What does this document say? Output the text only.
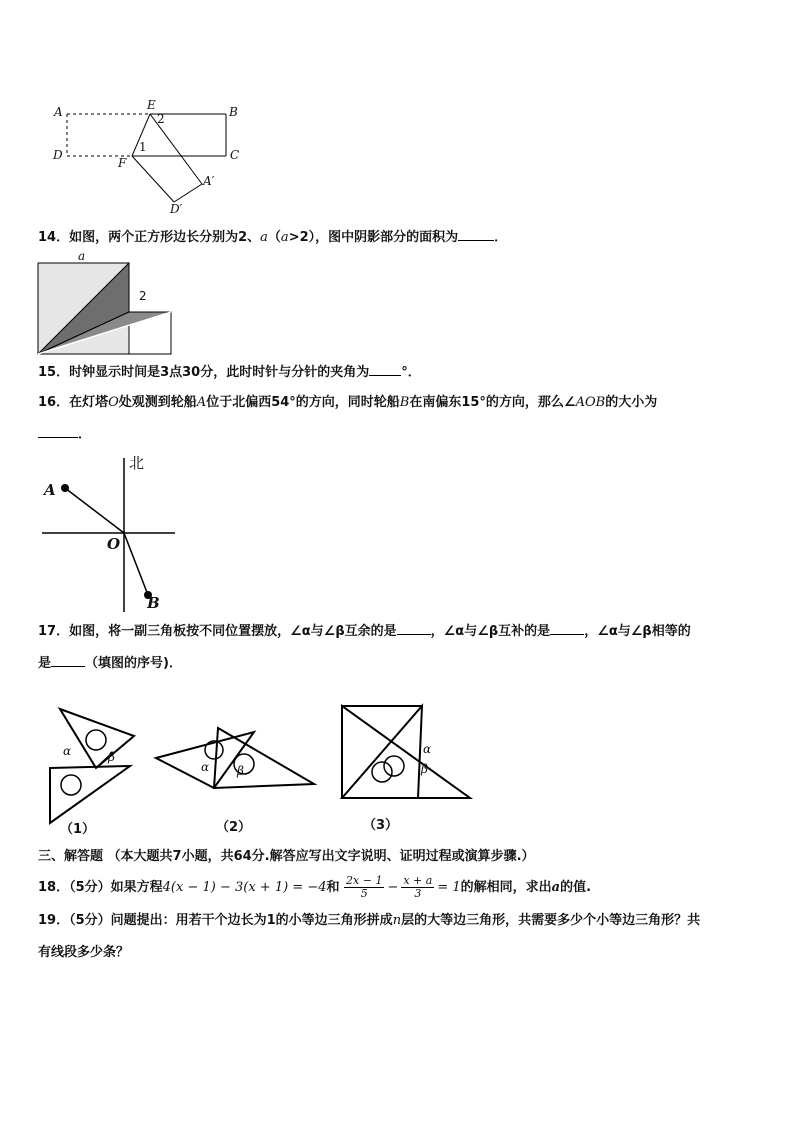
A	E
2	B
D
1
C
F
A′
D′
14．如图，两个正方形边长分别为2、a（a>2），图中阴影部分的面积为	．
a
2
15．时钟显示时间是3点30分，此时时针与分针的夹角为 °．
16．在灯塔O处观测到轮船A位于北偏西54°的方向，同时轮船B在南偏东15°的方向，那么∠AOB的大小为
．
北
A
O
B
17．如图，将一副三角板按不同位置摆放，∠α与∠β互余的是	，∠α与∠β互补的是	，∠α与∠β相等的
是	（填图的序号)．
α	β
（1）
α β
（2）
α
β
（3）
三、解答题 （本大题共7小题，共64分.解答应写出文字说明、证明过程或演算步骤.）
18．（5分）如果方程4(x − 1) − 3(x + 1) = −4和 $\frac{2x - 1}{5} - \frac{x + a}{3} = 1$的解相同，求出a的值.
19．（5分）问题提出：用若干个边长为1的小等边三角形拼成n层的大等边三角形，共需要多少个小等边三角形？共
有线段多少条？
